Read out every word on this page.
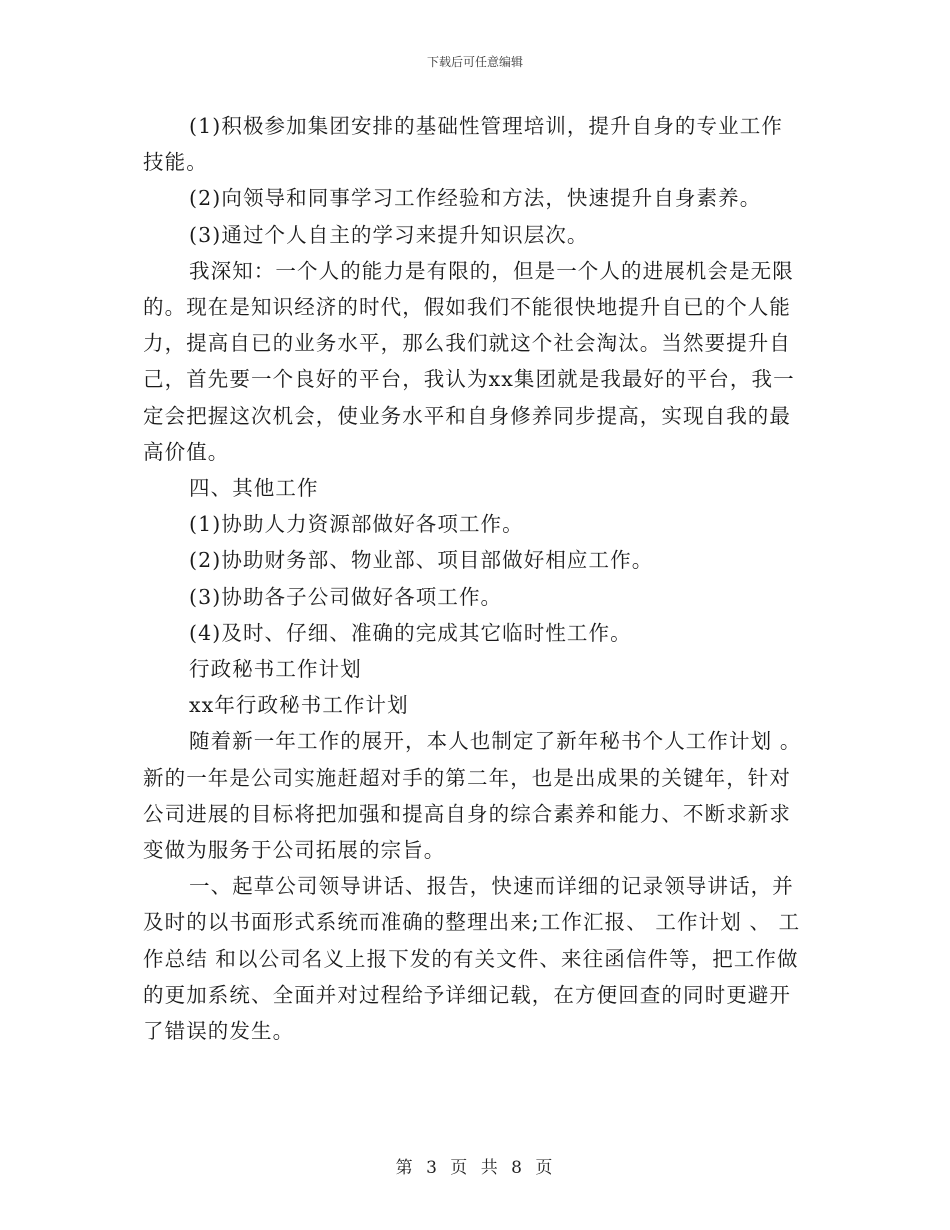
下载后可任意编辑

(1)积极参加集团安排的基础性管理培训，提升自身的专业工作技能。

(2)向领导和同事学习工作经验和方法，快速提升自身素养。

(3)通过个人自主的学习来提升知识层次。

我深知：一个人的能力是有限的，但是一个人的进展机会是无限的。现在是知识经济的时代，假如我们不能很快地提升自已的个人能力，提高自已的业务水平，那么我们就这个社会淘汰。当然要提升自己，首先要一个良好的平台，我认为xx集团就是我最好的平台，我一定会把握这次机会，使业务水平和自身修养同步提高，实现自我的最高价值。

四、其他工作

(1)协助人力资源部做好各项工作。

(2)协助财务部、物业部、项目部做好相应工作。

(3)协助各子公司做好各项工作。

(4)及时、仔细、准确的完成其它临时性工作。

行政秘书工作计划

xx年行政秘书工作计划

随着新一年工作的展开，本人也制定了新年秘书个人工作计划 。新的一年是公司实施赶超对手的第二年，也是出成果的关键年，针对公司进展的目标将把加强和提高自身的综合素养和能力、不断求新求变做为服务于公司拓展的宗旨。

一、起草公司领导讲话、报告，快速而详细的记录领导讲话，并及时的以书面形式系统而准确的整理出来;工作汇报、 工作计划 、 工作总结 和以公司名义上报下发的有关文件、来往函信件等，把工作做的更加系统、全面并对过程给予详细记载，在方便回查的同时更避开了错误的发生。

第 3 页 共 8 页
